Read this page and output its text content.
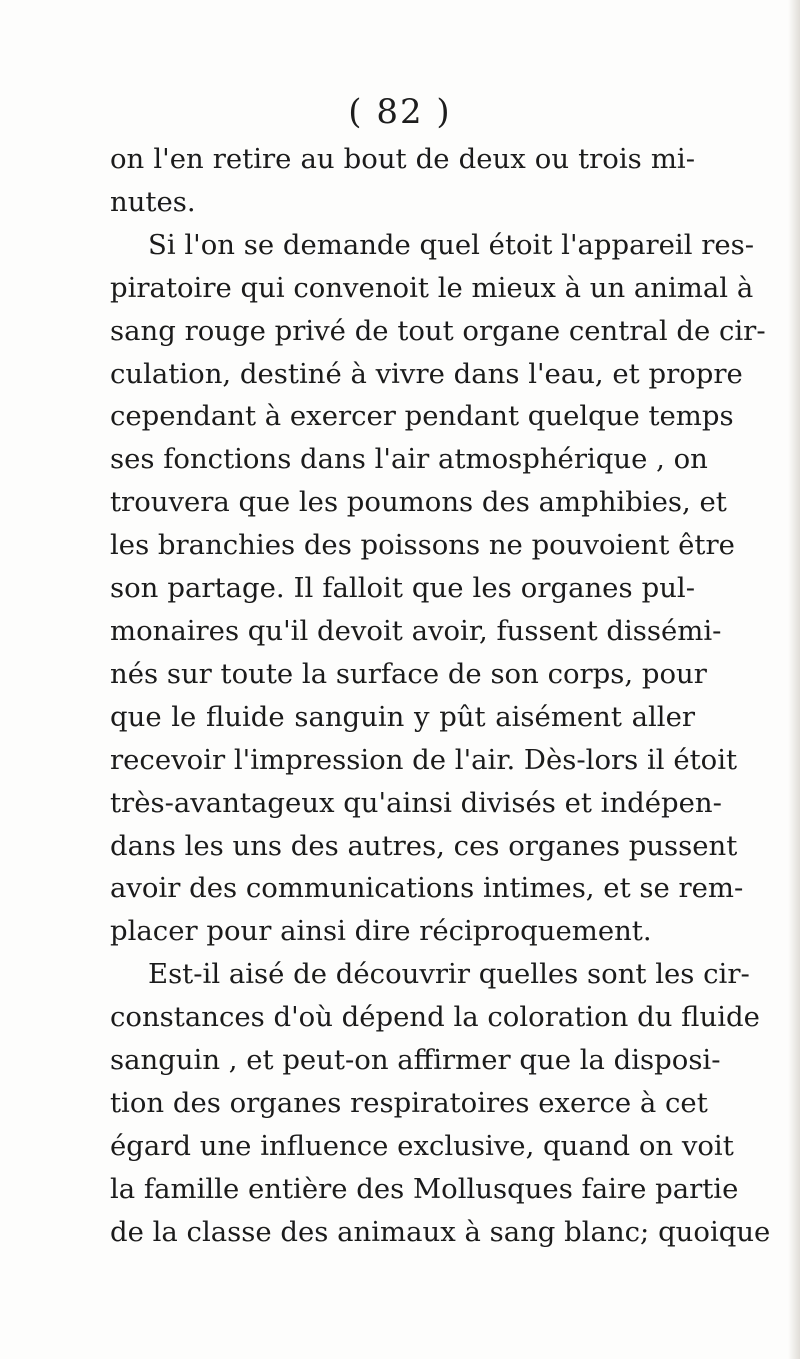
( 82 )
on l'en retire au bout de deux ou trois mi-
nutes.
Si l'on se demande quel étoit l'appareil res-
piratoire qui convenoit le mieux à un animal à
sang rouge privé de tout organe central de cir-
culation, destiné à vivre dans l'eau, et propre
cependant à exercer pendant quelque temps
ses fonctions dans l'air atmosphérique , on
trouvera que les poumons des amphibies, et
les branchies des poissons ne pouvoient être
son partage. Il falloit que les organes pul-
monaires qu'il devoit avoir, fussent dissémi-
nés sur toute la surface de son corps, pour
que le fluide sanguin y pût aisément aller
recevoir l'impression de l'air. Dès-lors il étoit
très-avantageux qu'ainsi divisés et indépen-
dans les uns des autres, ces organes pussent
avoir des communications intimes, et se rem-
placer pour ainsi dire réciproquement.
Est-il aisé de découvrir quelles sont les cir-
constances d'où dépend la coloration du fluide
sanguin , et peut-on affirmer que la disposi-
tion des organes respiratoires exerce à cet
égard une influence exclusive, quand on voit
la famille entière des Mollusques faire partie
de la classe des animaux à sang blanc; quoique
